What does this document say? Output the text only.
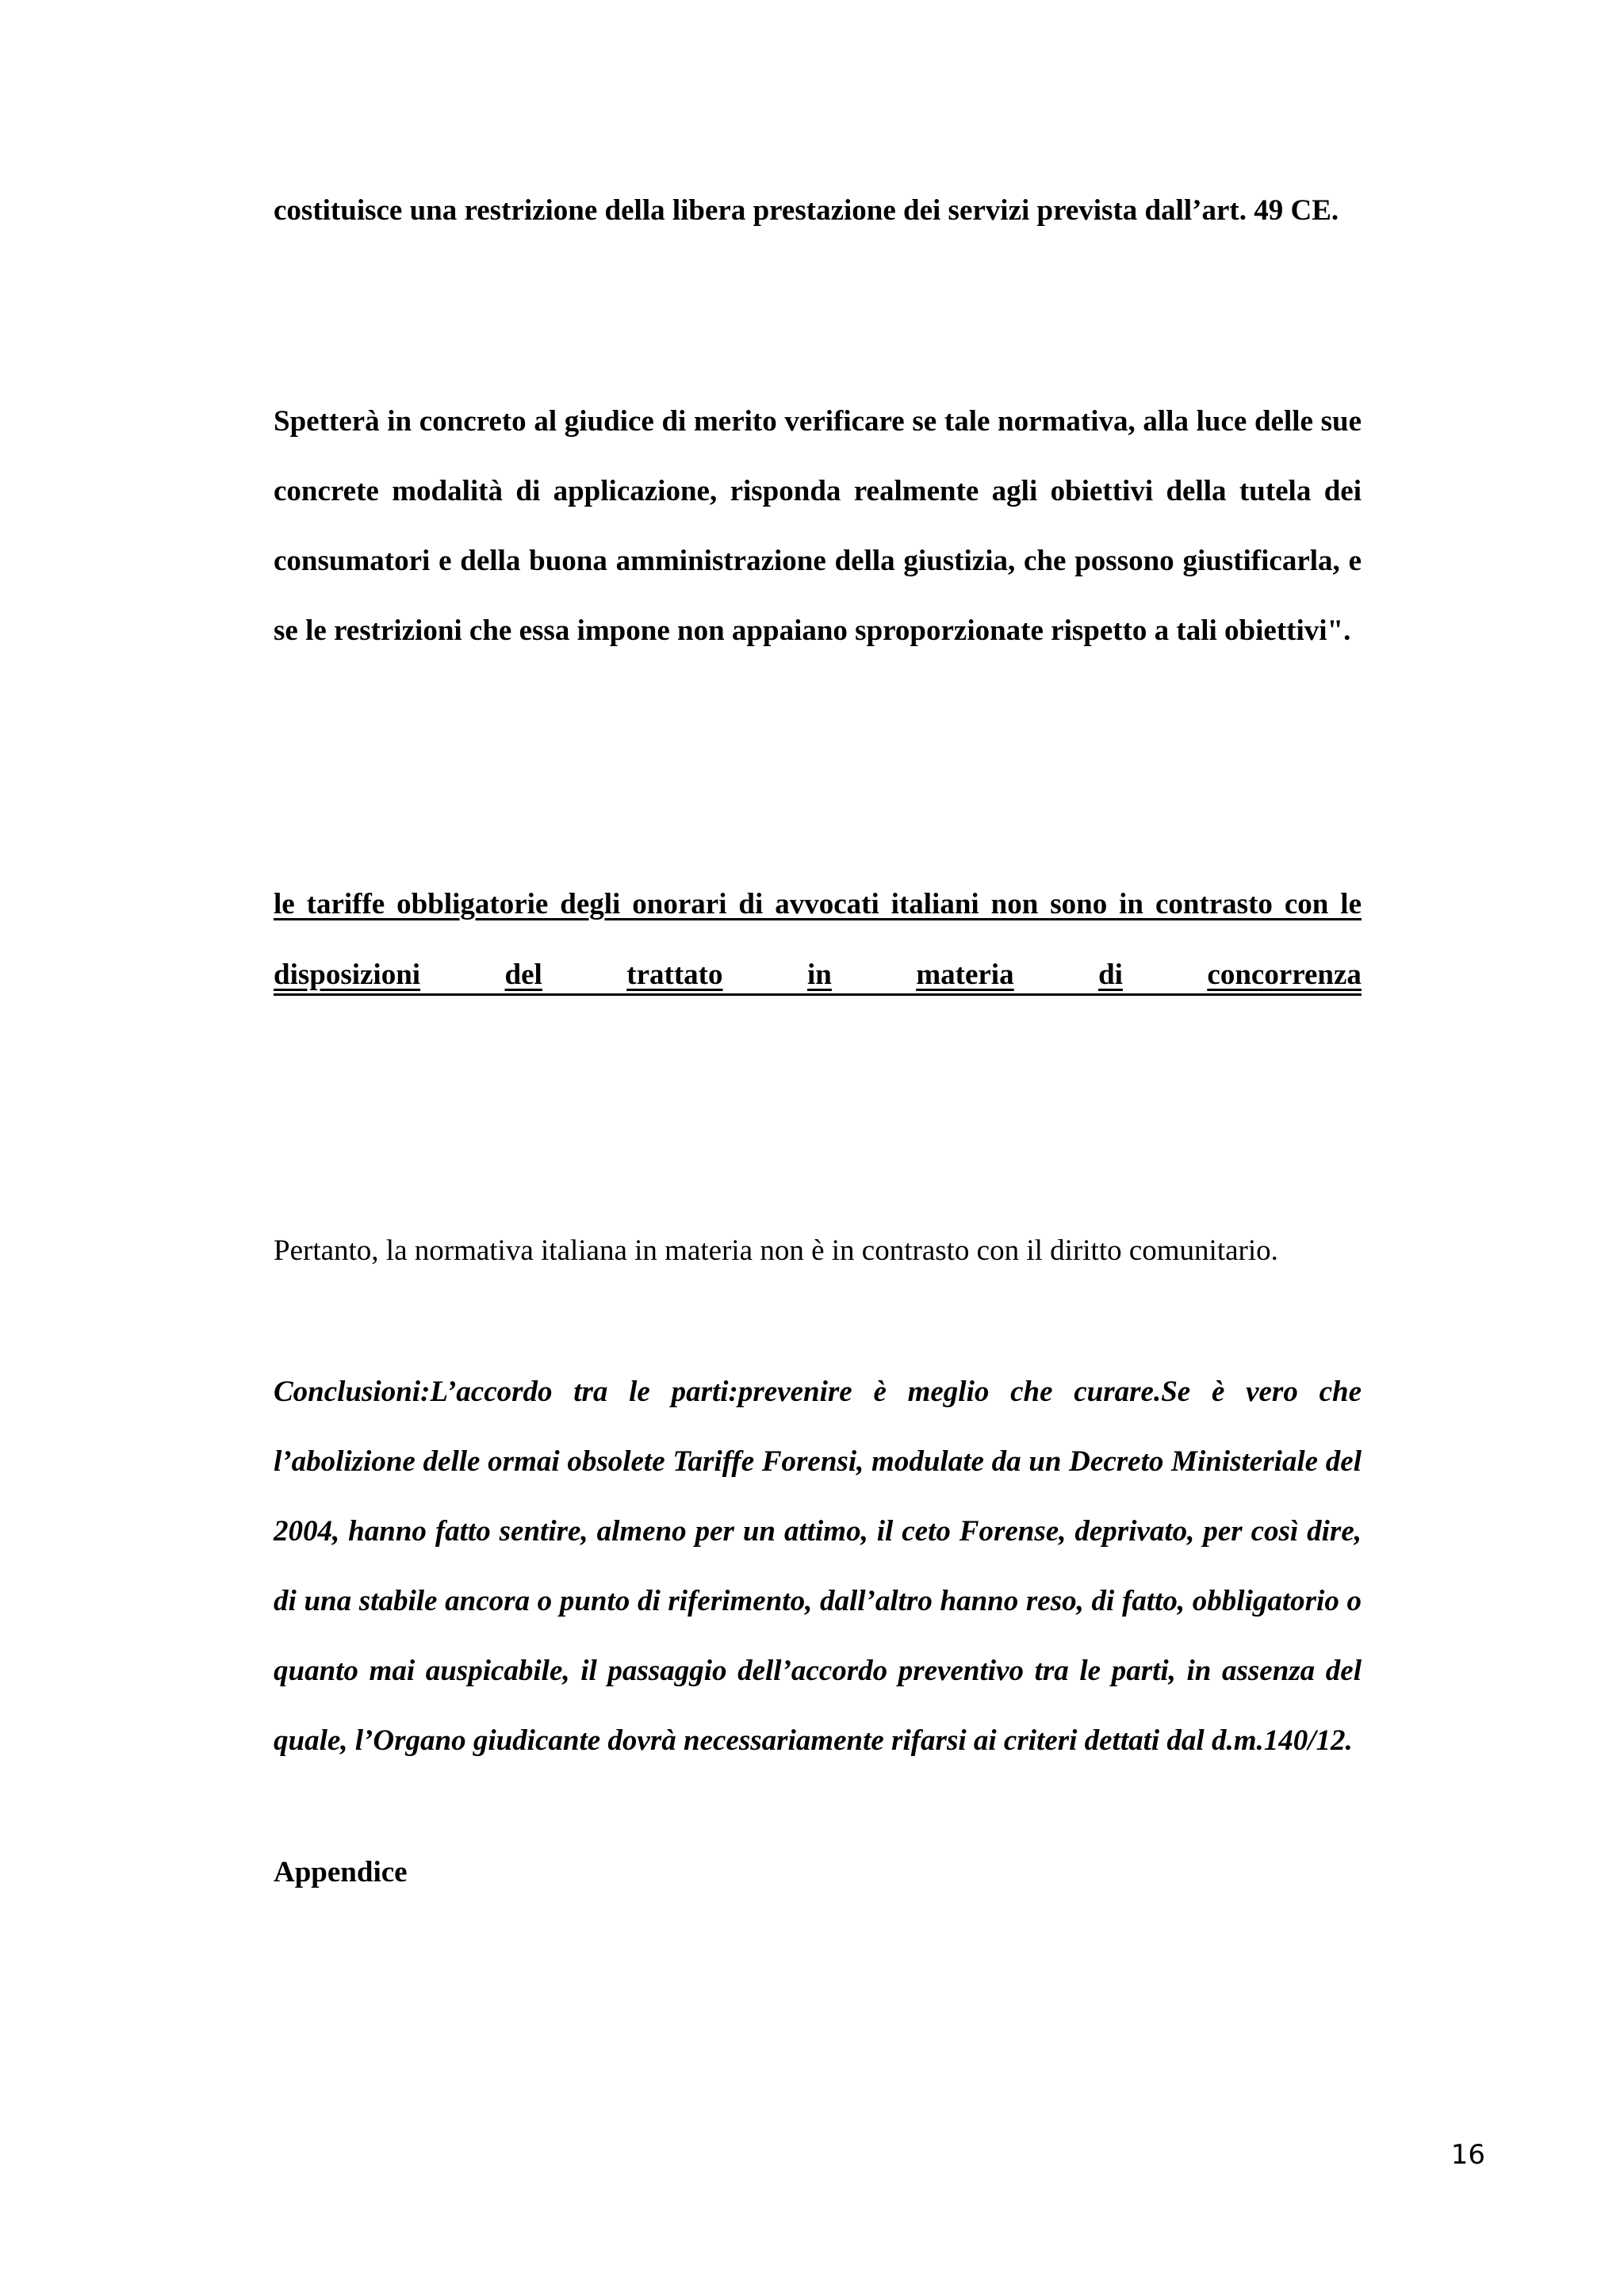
costituisce una restrizione della libera prestazione dei servizi prevista dall’art. 49 CE.

Spetterà in concreto al giudice di merito verificare se tale normativa, alla luce delle sue concrete modalità di applicazione, risponda realmente agli obiettivi della tutela dei consumatori e della buona amministrazione della giustizia, che possono giustificarla, e se le restrizioni che essa impone non appaiano sproporzionate rispetto a tali obiettivi".

le tariffe obbligatorie degli onorari di avvocati italiani non sono in contrasto con le

disposizioni	del	trattato	in	materia	di	concorrenza

Pertanto, la normativa italiana in materia non è in contrasto con il diritto comunitario.

Conclusioni:L’accordo tra le parti:prevenire è meglio che curare.Se è vero che l’abolizione delle ormai obsolete Tariffe Forensi, modulate da un Decreto Ministeriale del 2004, hanno fatto sentire, almeno per un attimo, il ceto Forense, deprivato, per così dire, di una stabile ancora o punto di riferimento, dall’altro hanno reso, di fatto, obbligatorio o quanto mai auspicabile, il passaggio dell’accordo preventivo tra le parti, in assenza del quale, l’Organo giudicante dovrà necessariamente rifarsi ai criteri dettati dal d.m.140/12.

Appendice

16
